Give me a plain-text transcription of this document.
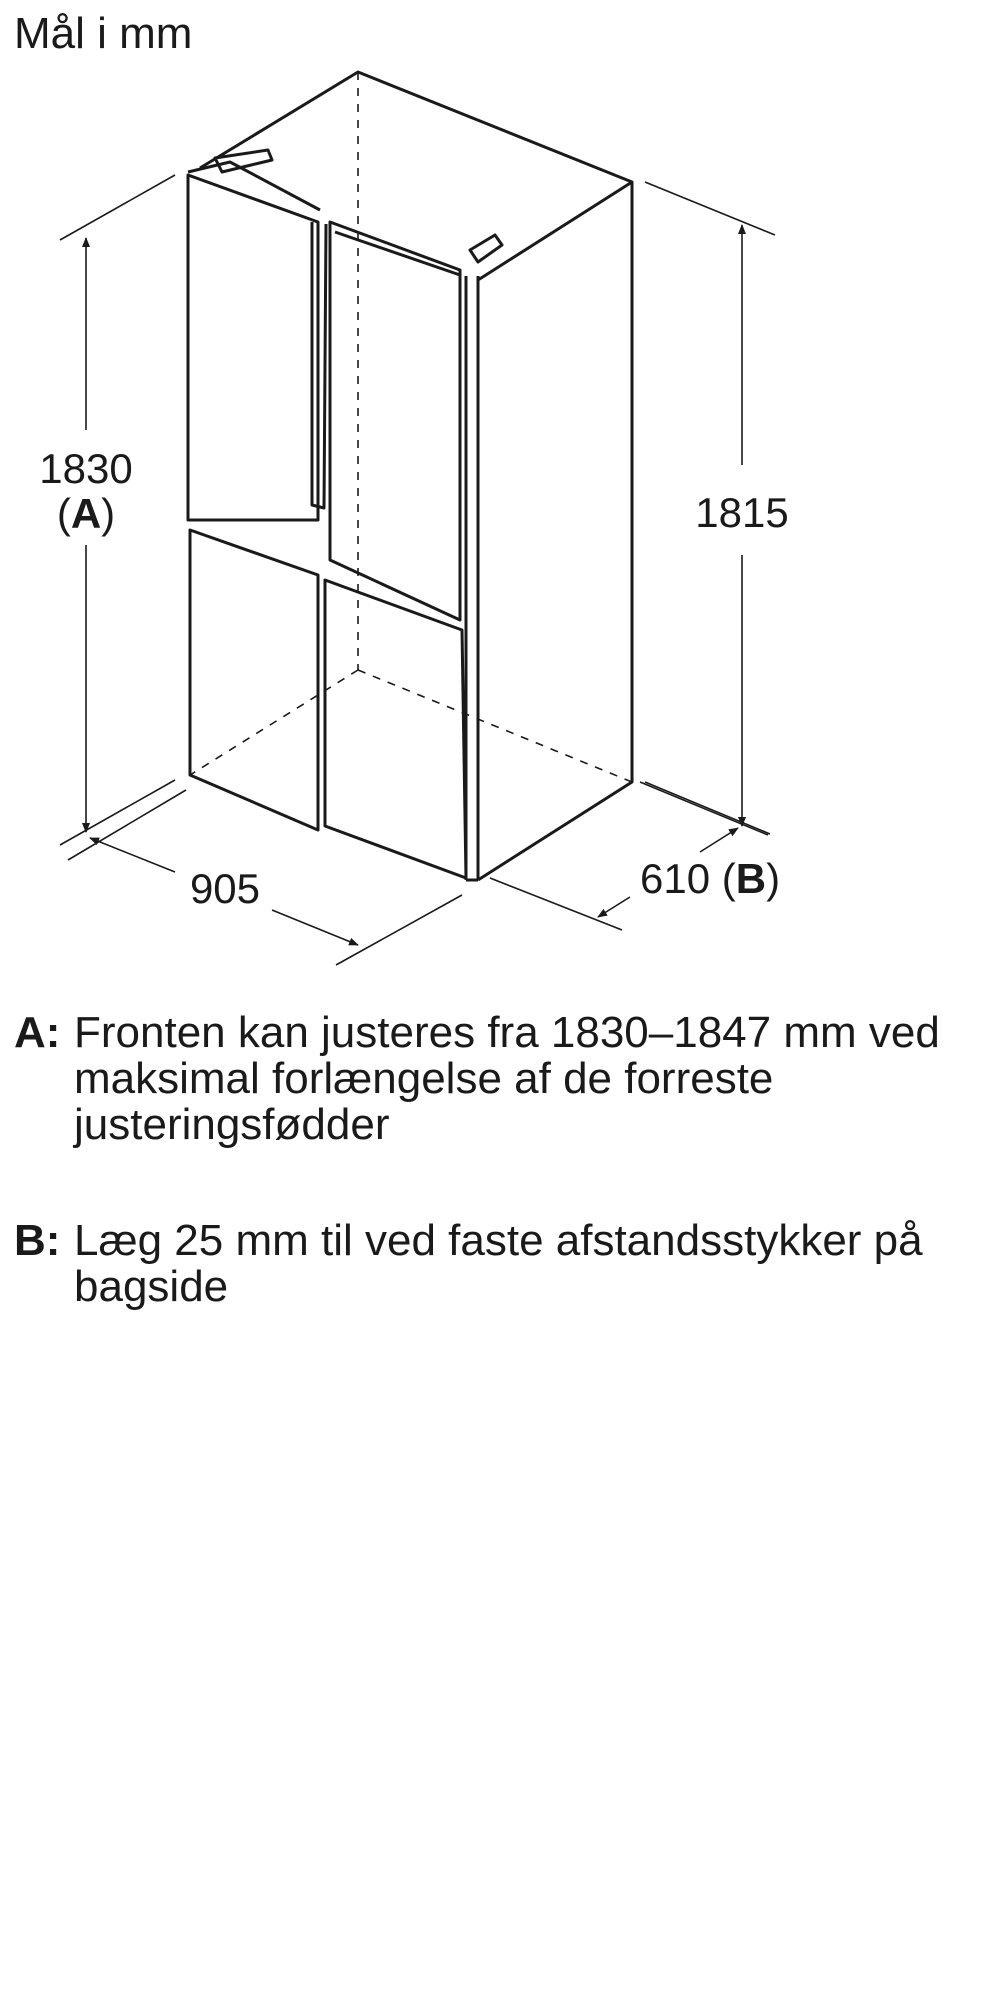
Mål i mm
1830
(A)	1815
905	610 (B)
A: Fronten kan justeres fra 1830–1847 mm ved maksimal forlængelse af de forreste justeringsfødder
B: Læg 25 mm til ved faste afstandsstykker på bagside
